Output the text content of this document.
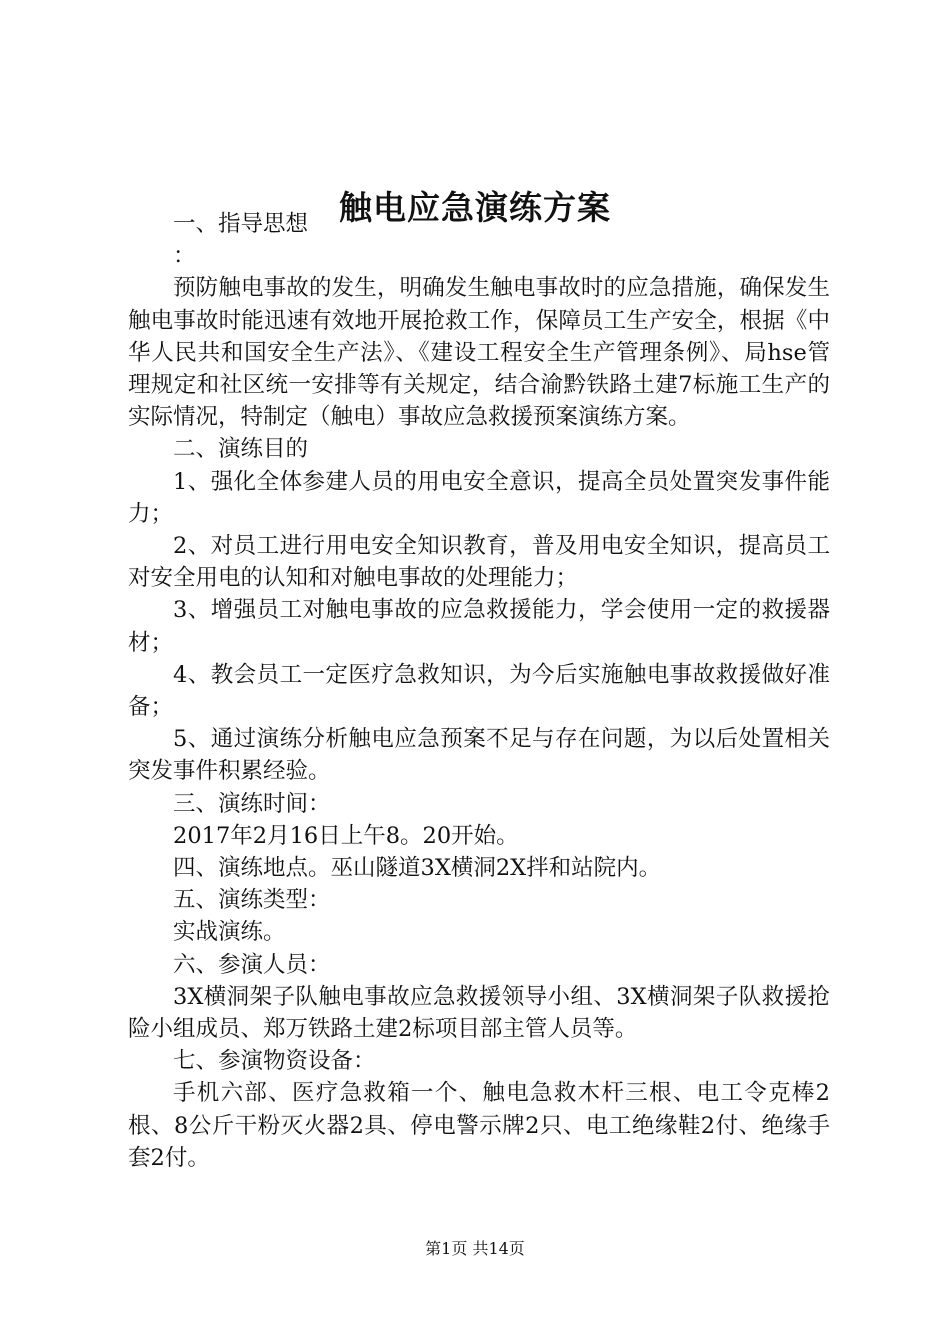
触电应急演练方案

一、指导思想

：

预防触电事故的发生，明确发生触电事故时的应急措施，确保发生触电事故时能迅速有效地开展抢救工作，保障员工生产安全，根据《中华人民共和国安全生产法》、《建设工程安全生产管理条例》、局hse管理规定和社区统一安排等有关规定，结合渝黔铁路土建7标施工生产的实际情况，特制定（触电）事故应急救援预案演练方案。

二、演练目的

1、强化全体参建人员的用电安全意识，提高全员处置突发事件能力；

2、对员工进行用电安全知识教育，普及用电安全知识，提高员工对安全用电的认知和对触电事故的处理能力；

3、增强员工对触电事故的应急救援能力，学会使用一定的救援器材；

4、教会员工一定医疗急救知识，为今后实施触电事故救援做好准备；

5、通过演练分析触电应急预案不足与存在问题，为以后处置相关突发事件积累经验。

三、演练时间：

2017年2月16日上午8。20开始。

四、演练地点。巫山隧道3X横洞2X拌和站院内。

五、演练类型：

实战演练。

六、参演人员：

3X横洞架子队触电事故应急救援领导小组、3X横洞架子队救援抢险小组成员、郑万铁路土建2标项目部主管人员等。

七、参演物资设备：

手机六部、医疗急救箱一个、触电急救木杆三根、电工令克棒2根、8公斤干粉灭火器2具、停电警示牌2只、电工绝缘鞋2付、绝缘手套2付。

第1页 共14页
